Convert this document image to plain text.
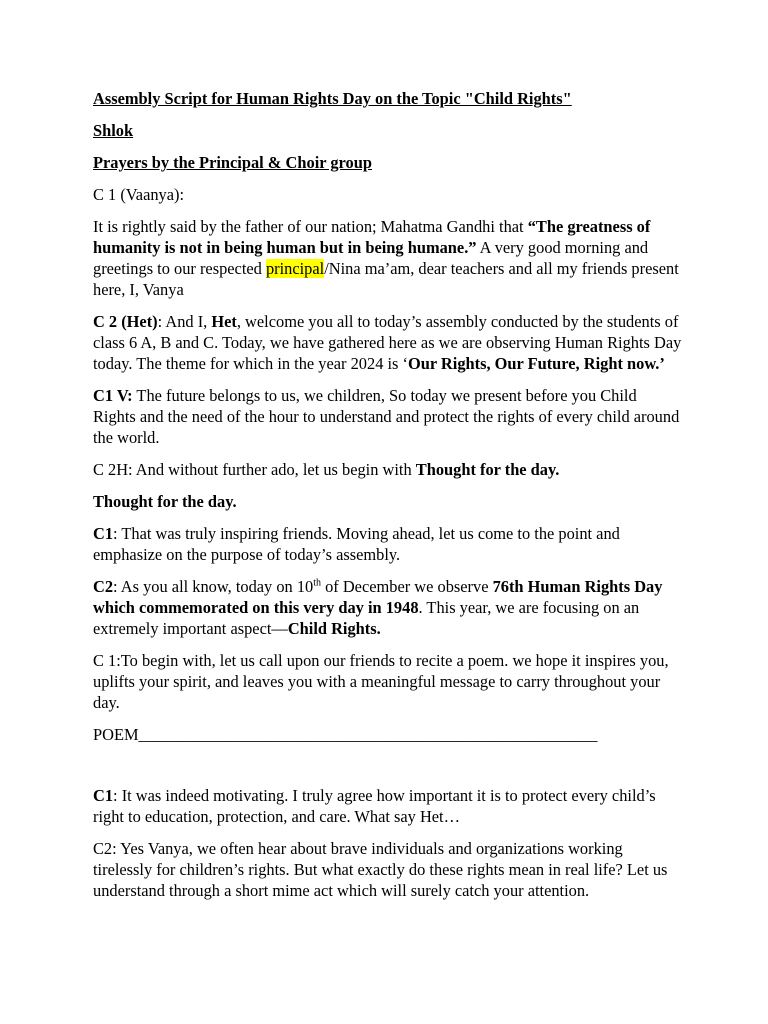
Assembly Script for Human Rights Day on the Topic "Child Rights"

Shlok

Prayers by the Principal & Choir group

C 1 (Vaanya):

It is rightly said by the father of our nation; Mahatma Gandhi that “The greatness of humanity is not in being human but in being humane.” A very good morning and greetings to our respected principal/Nina ma’am, dear teachers and all my friends present here, I, Vanya

C 2 (Het): And I, Het, welcome you all to today’s assembly conducted by the students of class 6 A, B and C. Today, we have gathered here as we are observing Human Rights Day today. The theme for which in the year 2024 is ‘Our Rights, Our Future, Right now.’

C1 V: The future belongs to us, we children, So today we present before you Child Rights and the need of the hour to understand and protect the rights of every child around the world.

C 2H: And without further ado, let us begin with Thought for the day.

Thought for the day.

C1: That was truly inspiring friends. Moving ahead, let us come to the point and emphasize on the purpose of today’s assembly.

C2: As you all know, today on 10th of December we observe 76th Human Rights Day which commemorated on this very day in 1948. This year, we are focusing on an extremely important aspect—Child Rights.

C 1:To begin with, let us call upon our friends to recite a poem. we hope it inspires you, uplifts your spirit, and leaves you with a meaningful message to carry throughout your day.

POEM________________________________________________________

C1: It was indeed motivating. I truly agree how important it is to protect every child’s right to education, protection, and care. What say Het…

C2: Yes Vanya, we often hear about brave individuals and organizations working tirelessly for children’s rights. But what exactly do these rights mean in real life? Let us understand through a short mime act which will surely catch your attention.
